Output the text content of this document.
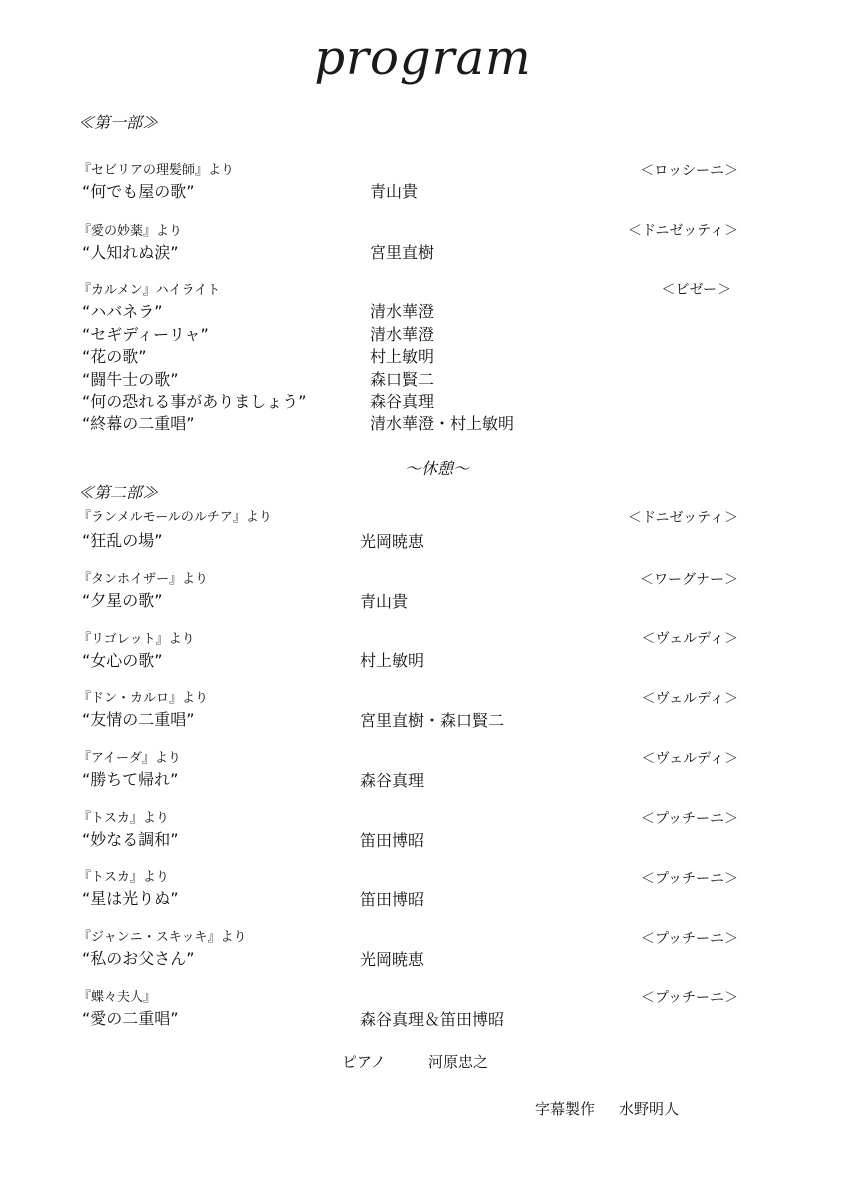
program
≪第一部≫
『セビリアの理髪師』より	＜ロッシーニ＞
“何でも屋の歌”	青山貴
『愛の妙薬』より	＜ドニゼッティ＞
“人知れぬ涙”	宮里直樹
『カルメン』ハイライト	＜ビゼー＞
“ハバネラ”	清水華澄
“セギディーリャ”	清水華澄
“花の歌”	村上敏明
“闘牛士の歌”	森口賢二
“何の恐れる事がありましょう”	森谷真理
“終幕の二重唱”	清水華澄・村上敏明
～休憩～
≪第二部≫
『ランメルモールのルチア』より	＜ドニゼッティ＞
“狂乱の場”	光岡暁恵
『タンホイザー』より	＜ワーグナー＞
“夕星の歌”	青山貴
『リゴレット』より	＜ヴェルディ＞
“女心の歌”	村上敏明
『ドン・カルロ』より	＜ヴェルディ＞
“友情の二重唱”	宮里直樹・森口賢二
『アイーダ』より	＜ヴェルディ＞
“勝ちて帰れ”	森谷真理
『トスカ』より	＜プッチーニ＞
“妙なる調和”	笛田博昭
『トスカ』より	＜プッチーニ＞
“星は光りぬ”	笛田博昭
『ジャンニ・スキッキ』より	＜プッチーニ＞
“私のお父さん”	光岡暁恵
『蝶々夫人』	＜プッチーニ＞
“愛の二重唱”	森谷真理＆笛田博昭
ピアノ	河原忠之
字幕製作 水野明人
